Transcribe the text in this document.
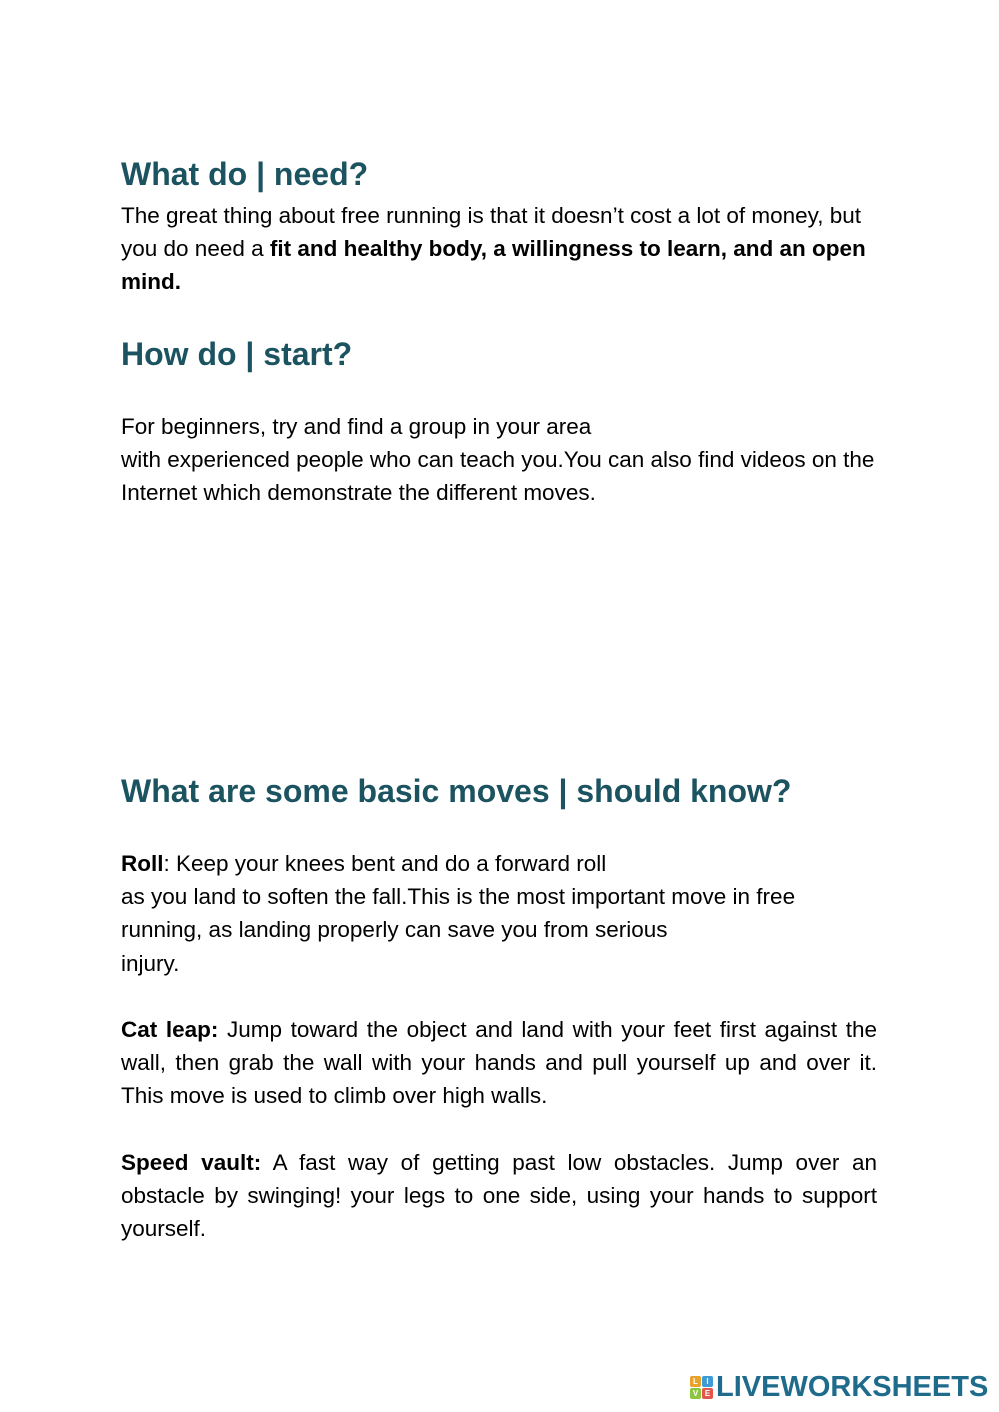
What do | need?

The great thing about free running is that it doesn’t cost a lot of money, but you do need a fit and healthy body, a willingness to learn, and an open mind.

How do | start?

For beginners, try and find a group in your area
with experienced people who can teach you.You can also find videos on the Internet which demonstrate the different moves.

What are some basic moves | should know?

Roll: Keep your knees bent and do a forward roll
as you land to soften the fall.This is the most important move in free running, as landing properly can save you from serious
injury.

Cat leap: Jump toward the object and land with your feet first against the wall, then grab the wall with your hands and pull yourself up and over it. This move is used to climb over high walls.

Speed vault: A fast way of getting past low obstacles. Jump over an obstacle by swinging! your legs to one side, using your hands to support yourself.

L	I
V E LIVEWORKSHEETS
